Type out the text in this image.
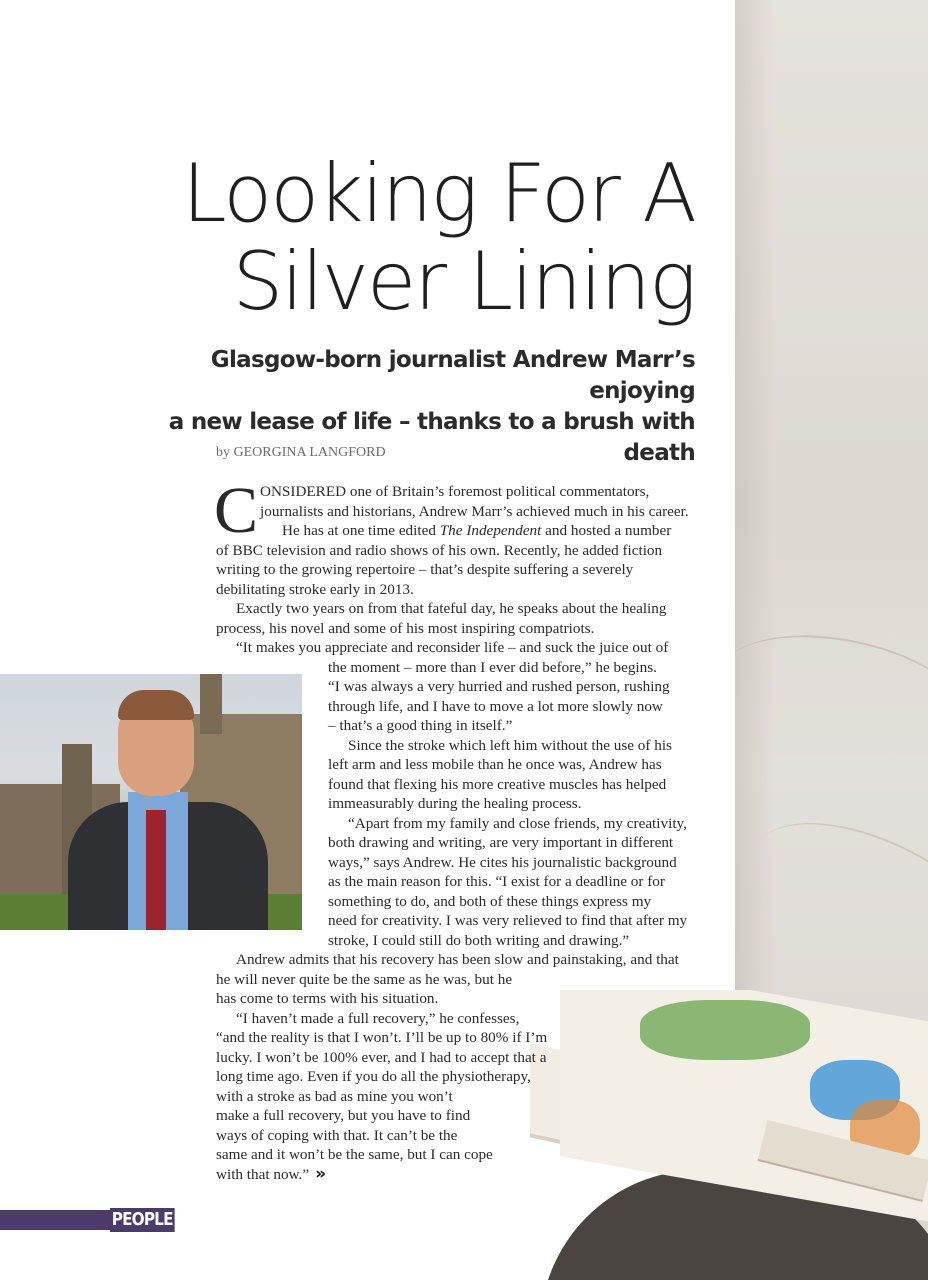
Looking For A
Silver Lining
Glasgow-born journalist Andrew Marr’s enjoying
a new lease of life – thanks to a brush with death

by GEORGINA LANGFORD

C ONSIDERED one of Britain’s foremost political commentators,
journalists and historians, Andrew Marr’s achieved much in his career.
He has at one time edited The Independent and hosted a number
of BBC television and radio shows of his own. Recently, he added fiction
writing to the growing repertoire – that’s despite suffering a severely
debilitating stroke early in 2013.
Exactly two years on from that fateful day, he speaks about the healing
process, his novel and some of his most inspiring compatriots.
“It makes you appreciate and reconsider life – and suck the juice out of
the moment – more than I ever did before,” he begins.
“I was always a very hurried and rushed person, rushing
through life, and I have to move a lot more slowly now
– that’s a good thing in itself.”
Since the stroke which left him without the use of his
left arm and less mobile than he once was, Andrew has
found that flexing his more creative muscles has helped
immeasurably during the healing process.
“Apart from my family and close friends, my creativity,
both drawing and writing, are very important in different
ways,” says Andrew. He cites his journalistic background
as the main reason for this. “I exist for a deadline or for
something to do, and both of these things express my
need for creativity. I was very relieved to find that after my
stroke, I could still do both writing and drawing.”
Andrew admits that his recovery has been slow and painstaking, and that
he will never quite be the same as he was, but he
has come to terms with his situation.
“I haven’t made a full recovery,” he confesses,
“and the reality is that I won’t. I’ll be up to 80% if I’m
lucky. I won’t be 100% ever, and I had to accept that a
long time ago. Even if you do all the physiotherapy,
with a stroke as bad as mine you won’t
make a full recovery, but you have to find
ways of coping with that. It can’t be the
same and it won’t be the same, but I can cope
with that now.” »
PEOPLE
